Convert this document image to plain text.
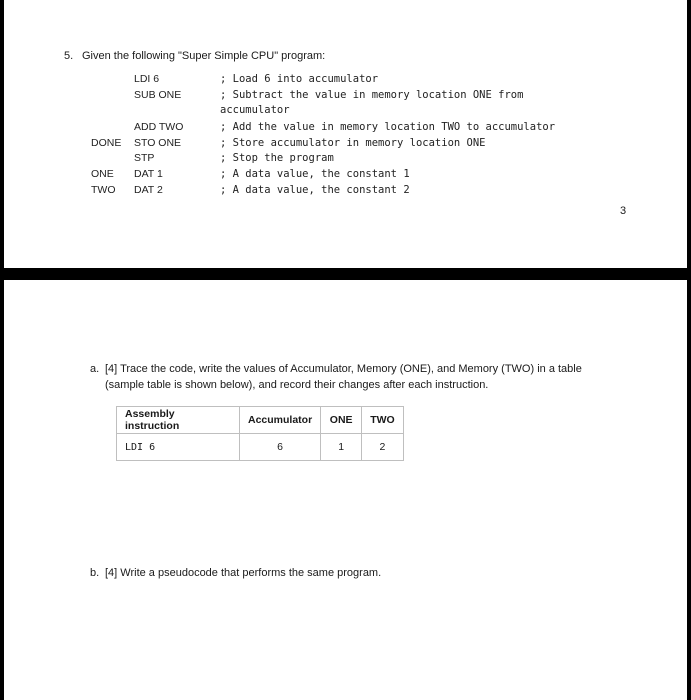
5. Given the following "Super Simple CPU" program:
LDI 6	; Load 6 into accumulator
SUB ONE	; Subtract the value in memory location ONE from
accumulator
ADD TWO	; Add the value in memory location TWO to accumulator
DONE STO ONE	; Store accumulator in memory location ONE
STP	; Stop the program
ONE DAT 1	; A data value, the constant 1
TWO DAT 2	; A data value, the constant 2
3
a. [4] Trace the code, write the values of Accumulator, Memory (ONE), and Memory (TWO) in a table
(sample table is shown below), and record their changes after each instruction.
Assembly instruction	Accumulator	ONE	TWO
LDI 6	6	1	2
b. [4] Write a pseudocode that performs the same program.
